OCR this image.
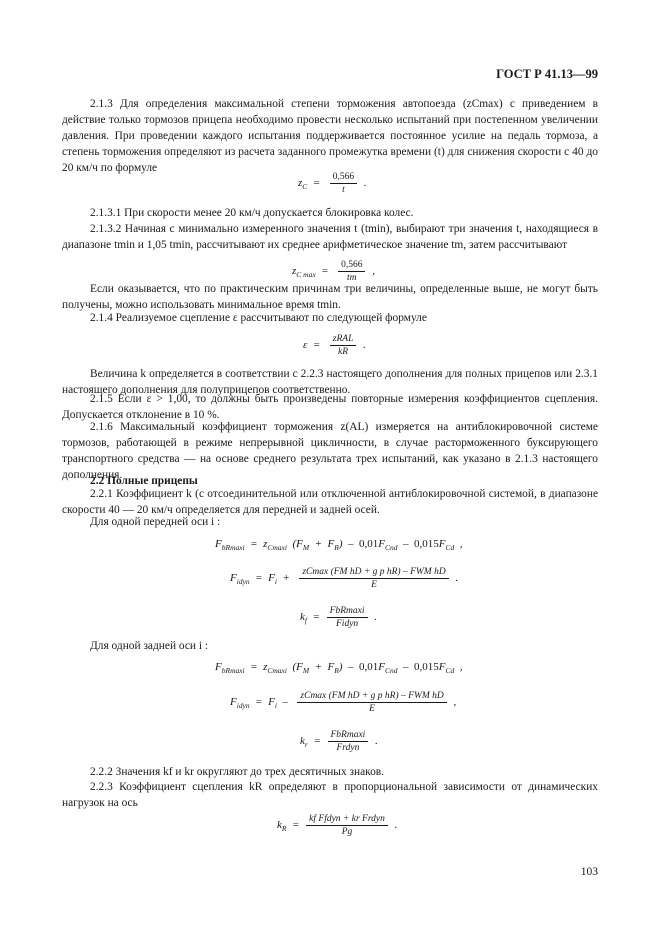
ГОСТ Р 41.13—99

2.1.3 Для определения максимальной степени торможения автопоезда (zCmax) с приведением в действие только тормозов прицепа необходимо провести несколько испытаний при постепенном увеличении давления. При проведении каждого испытания поддерживается постоянное усилие на педаль тормоза, а степень торможения определяют из расчета заданного промежутка времени (t) для снижения скорости с 40 до 20 км/ч по формуле

$z_C = \frac{0,566}{t}$ .

2.1.3.1 При скорости менее 20 км/ч допускается блокировка колес.

2.1.3.2 Начиная с минимально измеренного значения t (tmin), выбирают три значения t, находящиеся в диапазоне tmin и 1,05 tmin, рассчитывают их среднее арифметическое значение tm, затем рассчитывают

$z_{C max} = \frac{0,566}{tm}$ ,

Если оказывается, что по практическим причинам три величины, определенные выше, не могут быть получены, можно использовать минимальное время tmin.

2.1.4 Реализуемое сцепление ε рассчитывают по следующей формуле

$\varepsilon = \frac{\text{zRAL}}{kR}$ .

Величина k определяется в соответствии с 2.2.3 настоящего дополнения для полных прицепов или 2.3.1 настоящего дополнения для полуприцепов соответственно.

2.1.5 Если ε > 1,00, то должны быть произведены повторные измерения коэффициентов сцепления. Допускается отклонение в 10 %.

2.1.6 Максимальный коэффициент торможения z(AL) измеряется на антиблокировочной системе тормозов, работающей в режиме непрерывной цикличности, в случае расторможенного буксирующего транспортного средства — на основе среднего результата трех испытаний, как указано в 2.1.3 настоящего дополнения.

2.2 Полные прицепы

2.2.1 Коэффициент k (с отсоединительной или отключенной антиблокировочной системой, в диапазоне скорости 40 — 20 км/ч определяется для передней и задней осей.

Для одной передней оси i :

$F_{bRmaxi} = z_{Cmaxi}$  $(F_M + F_R) - 0,01F_{Cnd} - 0,015F_{Cd}$  ,
$F_{idyn} = F_i + \frac{\text{zCmax (FM hD + g p hR) – FWM hD}}{E}$ .
$k_f = \frac{\text{FbRmaxi}}{\text{Fidyn}}$ .

Для одной задней оси i :

$F_{bRmaxi} = z_{Cmaxi}$  $(F_M + F_R) - 0,01F_{Cnd} - 0,015F_{Cd}$  ,
$F_{idyn} = F_i - \frac{\text{zCmax (FM hD + g p hR) – FWM hD}}{E}$ ,
$k_r = \frac{\text{FbRmaxi}}{\text{Frdyn}}$ .

2.2.2 Значения kf и kr округляют до трех десятичных знаков.

2.2.3 Коэффициент сцепления kR определяют в пропорциональной зависимости от динамических нагрузок на ось

$k_R = \frac{\text{kf Ffdyn + kr Frdyn}}{Pg}$ .
103
